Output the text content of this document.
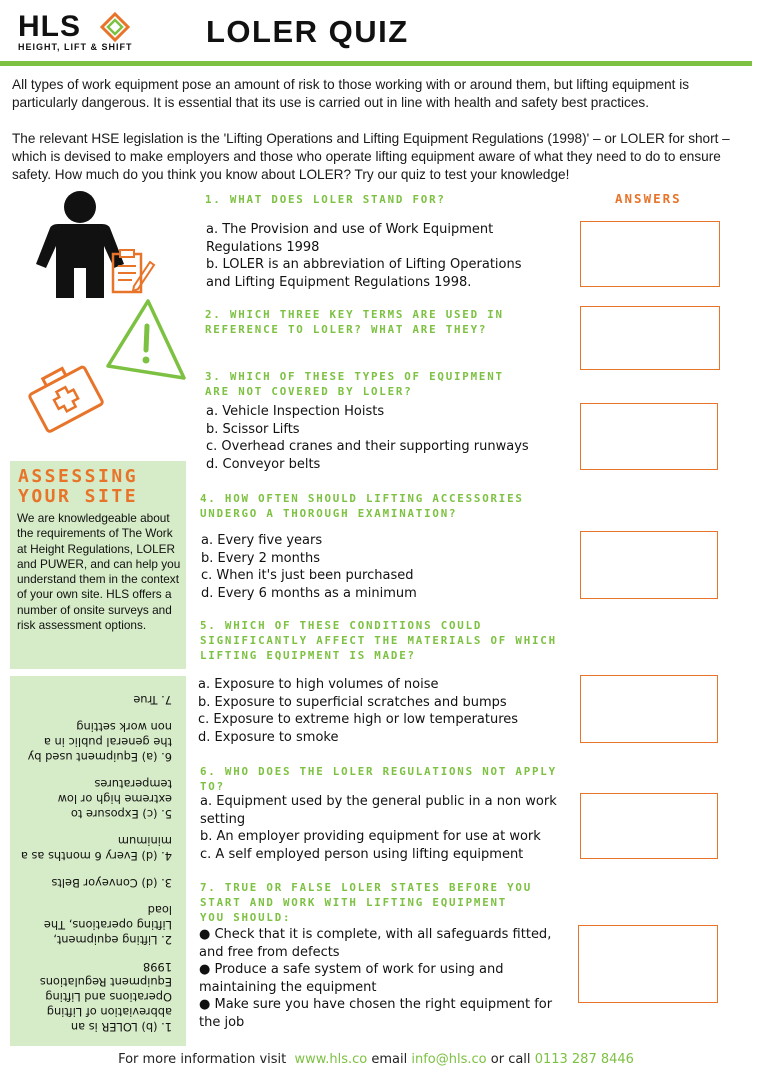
HLS
HEIGHT, LIFT & SHIFT LOLER QUIZ
All types of work equipment pose an amount of risk to those working with or around them, but lifting equipment is particularly dangerous. It is essential that its use is carried out in line with health and safety best practices.
The relevant HSE legislation is the 'Lifting Operations and Lifting Equipment Regulations (1998)' – or LOLER for short – which is devised to make employers and those who operate lifting equipment aware of what they need to do to ensure safety. How much do you think you know about LOLER? Try our quiz to test your knowledge!
ANSWERS
1. WHAT DOES LOLER STAND FOR?
a. The Provision and use of Work Equipment
Regulations 1998
b. LOLER is an abbreviation of Lifting Operations
and Lifting Equipment Regulations 1998.
2. WHICH THREE KEY TERMS ARE USED IN REFERENCE TO LOLER? WHAT ARE THEY?
3. WHICH OF THESE TYPES OF EQUIPMENT ARE NOT COVERED BY LOLER?
a. Vehicle Inspection Hoists
b. Scissor Lifts
c. Overhead cranes and their supporting runways
d. Conveyor belts
4. HOW OFTEN SHOULD LIFTING ACCESSORIES UNDERGO A THOROUGH EXAMINATION?
a. Every five years
b. Every 2 months
c. When it's just been purchased
d. Every 6 months as a minimum
5. WHICH OF THESE CONDITIONS COULD SIGNIFICANTLY AFFECT THE MATERIALS OF WHICH LIFTING EQUIPMENT IS MADE?
a. Exposure to high volumes of noise
b. Exposure to superficial scratches and bumps
c. Exposure to extreme high or low temperatures
d. Exposure to smoke
6. WHO DOES THE LOLER REGULATIONS NOT APPLY TO?
a. Equipment used by the general public in a non work
setting
b. An employer providing equipment for use at work
c. A self employed person using lifting equipment
7. TRUE OR FALSE LOLER STATES BEFORE YOU START AND WORK WITH LIFTING EQUIPMENT YOU SHOULD:
● Check that it is complete, with all safeguards fitted,
and free from defects
● Produce a safe system of work for using and
maintaining the equipment
● Make sure you have chosen the right equipment for
the job
ASSESSING
YOUR SITE
We are knowledgeable about the requirements of The Work at Height Regulations, LOLER and PUWER, and can help you understand them in the context of your own site. HLS offers a number of onsite surveys and risk assessment options.
1. (b) LOLER is an abbreviation of Lifting Operations and Lifting Equipment Regulations 1998
2. Lifting equipment, Lifting operations, The load
3. (d) Conveyor Belts
4. (d) Every 6 months as a minimum
5. (c) Exposure to extreme high or low temperatures
6. (a) Equipment used by the general public in a non work setting
7. True
For more information visit www.hls.co email info@hls.co or call 0113 287 8446
